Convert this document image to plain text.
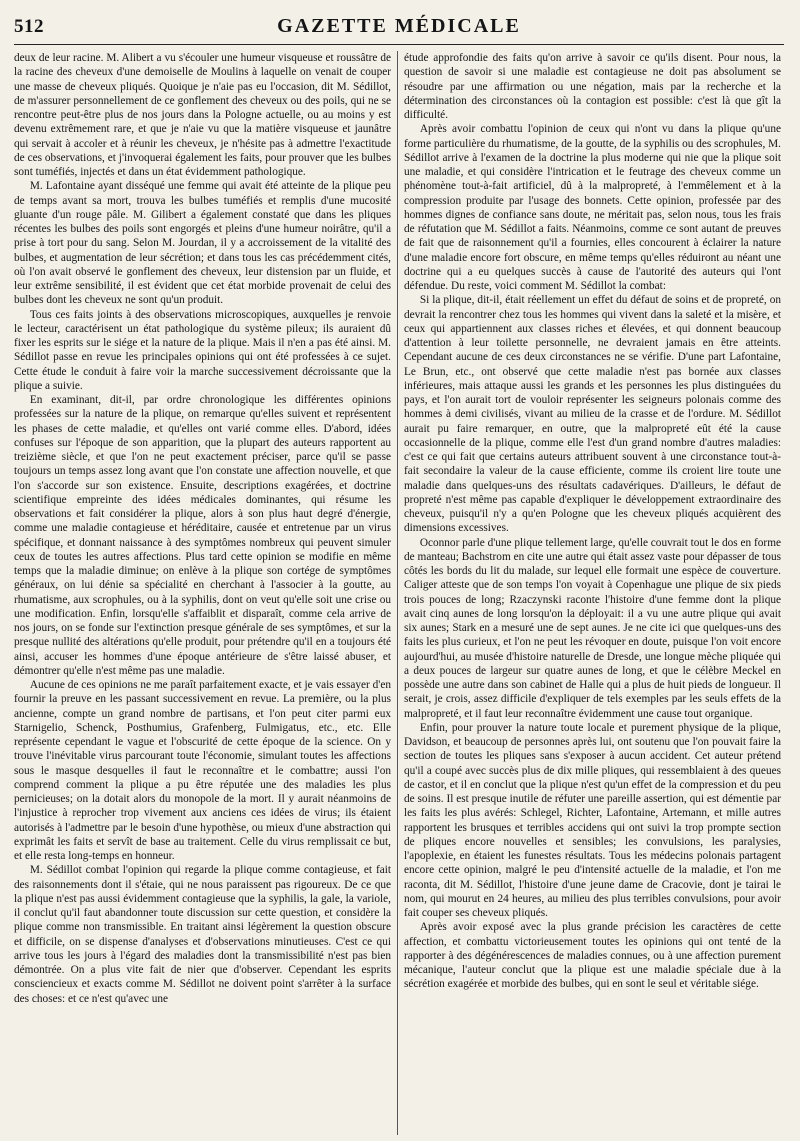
512	GAZETTE MÉDICALE

deux de leur racine. M. Alibert a vu s'écouler une humeur visqueuse et roussâtre de la racine des cheveux d'une demoiselle de Moulins à laquelle on venait de couper une masse de cheveux pliqués. Quoique je n'aie pas eu l'occasion, dit M. Sédillot, de m'assurer personnellement de ce gonflement des cheveux ou des poils, qui ne se rencontre peut-être plus de nos jours dans la Pologne actuelle, ou au moins y est devenu extrêmement rare, et que je n'aie vu que la matière visqueuse et jaunâtre qui servait à accoler et à réunir les cheveux, je n'hésite pas à admettre l'exactitude de ces observations, et j'invoquerai également les faits, pour prouver que les bulbes sont tuméfiés, injectés et dans un état évidemment pathologique.

M. Lafontaine ayant disséqué une femme qui avait été atteinte de la plique peu de temps avant sa mort, trouva les bulbes tuméfiés et remplis d'une mucosité gluante d'un rouge pâle. M. Gilibert a également constaté que dans les pliques récentes les bulbes des poils sont engorgés et pleins d'une humeur noirâtre, qu'il a prise à tort pour du sang. Selon M. Jourdan, il y a accroissement de la vitalité des bulbes, et augmentation de leur sécrétion; et dans tous les cas précédemment cités, où l'on avait observé le gonflement des cheveux, leur distension par un fluide, et leur extrême sensibilité, il est évident que cet état morbide provenait de celui des bulbes dont les cheveux ne sont qu'un produit.

Tous ces faits joints à des observations microscopiques, auxquelles je renvoie le lecteur, caractérisent un état pathologique du système pileux; ils auraient dû fixer les esprits sur le siége et la nature de la plique. Mais il n'en a pas été ainsi. M. Sédillot passe en revue les principales opinions qui ont été professées à ce sujet. Cette étude le conduit à faire voir la marche successivement décroissante que la plique a suivie.

En examinant, dit-il, par ordre chronologique les différentes opinions professées sur la nature de la plique, on remarque qu'elles suivent et représentent les phases de cette maladie, et qu'elles ont varié comme elles. D'abord, idées confuses sur l'époque de son apparition, que la plupart des auteurs rapportent au treizième siècle, et que l'on ne peut exactement préciser, parce qu'il se passe toujours un temps assez long avant que l'on constate une affection nouvelle, et que l'on s'accorde sur son existence. Ensuite, descriptions exagérées, et doctrine scientifique empreinte des idées médicales dominantes, qui résume les observations et fait considérer la plique, alors à son plus haut degré d'énergie, comme une maladie contagieuse et héréditaire, causée et entretenue par un virus spécifique, et donnant naissance à des symptômes nombreux qui peuvent simuler ceux de toutes les autres affections. Plus tard cette opinion se modifie en même temps que la maladie diminue; on enlève à la plique son cortége de symptômes généraux, on lui dénie sa spécialité en cherchant à l'associer à la goutte, au rhumatisme, aux scrophules, ou à la syphilis, dont on veut qu'elle soit une crise ou une modification. Enfin, lorsqu'elle s'affaiblit et disparaît, comme cela arrive de nos jours, on se fonde sur l'extinction presque générale de ses symptômes, et sur la presque nullité des altérations qu'elle produit, pour prétendre qu'il en a toujours été ainsi, accuser les hommes d'une époque antérieure de s'être laissé abuser, et démontrer qu'elle n'est même pas une maladie.

Aucune de ces opinions ne me paraît parfaitement exacte, et je vais essayer d'en fournir la preuve en les passant successivement en revue. La première, ou la plus ancienne, compte un grand nombre de partisans, et l'on peut citer parmi eux Starnigelio, Schenck, Posthumius, Grafenberg, Fulmigatus, etc., etc. Elle représente cependant le vague et l'obscurité de cette époque de la science. On y trouve l'inévitable virus parcourant toute l'économie, simulant toutes les affections sous le masque desquelles il faut le reconnaître et le combattre; aussi l'on comprend comment la plique a pu être réputée une des maladies les plus pernicieuses; on la dotait alors du monopole de la mort. Il y aurait néanmoins de l'injustice à reprocher trop vivement aux anciens ces idées de virus; ils étaient autorisés à l'admettre par le besoin d'une hypothèse, ou mieux d'une abstraction qui exprimât les faits et servît de base au traitement. Celle du virus remplissait ce but, et elle resta long-temps en honneur.

M. Sédillot combat l'opinion qui regarde la plique comme contagieuse, et fait des raisonnements dont il s'étaie, qui ne nous paraissent pas rigoureux. De ce que la plique n'est pas aussi évidemment contagieuse que la syphilis, la gale, la variole, il conclut qu'il faut abandonner toute discussion sur cette question, et considère la plique comme non transmissible. En traitant ainsi légèrement la question obscure et difficile, on se dispense d'analyses et d'observations minutieuses. C'est ce qui arrive tous les jours à l'égard des maladies dont la transmissibilité n'est pas bien démontrée. On a plus vite fait de nier que d'observer. Cependant les esprits consciencieux et exacts comme M. Sédillot ne doivent point s'arrêter à la surface des choses: et ce n'est qu'avec une

étude approfondie des faits qu'on arrive à savoir ce qu'ils disent. Pour nous, la question de savoir si une maladie est contagieuse ne doit pas absolument se résoudre par une affirmation ou une négation, mais par la recherche et la détermination des circonstances où la contagion est possible: c'est là que gît la difficulté.

Après avoir combattu l'opinion de ceux qui n'ont vu dans la plique qu'une forme particulière du rhumatisme, de la goutte, de la syphilis ou des scrophules, M. Sédillot arrive à l'examen de la doctrine la plus moderne qui nie que la plique soit une maladie, et qui considère l'intrication et le feutrage des cheveux comme un phénomène tout-à-fait artificiel, dû à la malpropreté, à l'emmêlement et à la compression produite par l'usage des bonnets. Cette opinion, professée par des hommes dignes de confiance sans doute, ne méritait pas, selon nous, tous les frais de réfutation que M. Sédillot a faits. Néanmoins, comme ce sont autant de preuves de fait que de raisonnement qu'il a fournies, elles concourent à éclairer la nature d'une maladie encore fort obscure, en même temps qu'elles réduiront au néant une doctrine qui a eu quelques succès à cause de l'autorité des auteurs qui l'ont défendue. Du reste, voici comment M. Sédillot la combat:

Si la plique, dit-il, était réellement un effet du défaut de soins et de propreté, on devrait la rencontrer chez tous les hommes qui vivent dans la saleté et la misère, et ceux qui appartiennent aux classes riches et élevées, et qui donnent beaucoup d'attention à leur toilette personnelle, ne devraient jamais en être atteints. Cependant aucune de ces deux circonstances ne se vérifie. D'une part Lafontaine, Le Brun, etc., ont observé que cette maladie n'est pas bornée aux classes inférieures, mais attaque aussi les grands et les personnes les plus distinguées du pays, et l'on aurait tort de vouloir représenter les seigneurs polonais comme des hommes à demi civilisés, vivant au milieu de la crasse et de l'ordure. M. Sédillot aurait pu faire remarquer, en outre, que la malpropreté eût été la cause occasionnelle de la plique, comme elle l'est d'un grand nombre d'autres maladies: c'est ce qui fait que certains auteurs attribuent souvent à une circonstance tout-à-fait secondaire la valeur de la cause efficiente, comme ils croient lire toute une maladie dans quelques-uns des résultats cadavériques. D'ailleurs, le défaut de propreté n'est même pas capable d'expliquer le développement extraordinaire des cheveux, puisqu'il n'y a qu'en Pologne que les cheveux pliqués acquièrent des dimensions excessives.

Oconnor parle d'une plique tellement large, qu'elle couvrait tout le dos en forme de manteau; Bachstrom en cite une autre qui était assez vaste pour dépasser de tous côtés les bords du lit du malade, sur lequel elle formait une espèce de couverture. Caliger atteste que de son temps l'on voyait à Copenhague une plique de six pieds trois pouces de long; Rzaczynski raconte l'histoire d'une femme dont la plique avait cinq aunes de long lorsqu'on la déployait: il a vu une autre plique qui avait six aunes; Stark en a mesuré une de sept aunes. Je ne cite ici que quelques-uns des faits les plus curieux, et l'on ne peut les révoquer en doute, puisque l'on voit encore aujourd'hui, au musée d'histoire naturelle de Dresde, une longue mèche pliquée qui a deux pouces de largeur sur quatre aunes de long, et que le célèbre Meckel en possède une autre dans son cabinet de Halle qui a plus de huit pieds de longueur. Il serait, je crois, assez difficile d'expliquer de tels exemples par les seuls effets de la malpropreté, et il faut leur reconnaître évidemment une cause tout organique.

Enfin, pour prouver la nature toute locale et purement physique de la plique, Davidson, et beaucoup de personnes après lui, ont soutenu que l'on pouvait faire la section de toutes les pliques sans s'exposer à aucun accident. Cet auteur prétend qu'il a coupé avec succès plus de dix mille pliques, qui ressemblaient à des queues de castor, et il en conclut que la plique n'est qu'un effet de la compression et du peu de soins. Il est presque inutile de réfuter une pareille assertion, qui est démentie par les faits les plus avérés: Schlegel, Richter, Lafontaine, Artemann, et mille autres rapportent les brusques et terribles accidens qui ont suivi la trop prompte section de pliques encore nouvelles et sensibles; les convulsions, les paralysies, l'apoplexie, en étaient les funestes résultats. Tous les médecins polonais partagent encore cette opinion, malgré le peu d'intensité actuelle de la maladie, et l'on me raconta, dit M. Sédillot, l'histoire d'une jeune dame de Cracovie, dont je tairai le nom, qui mourut en 24 heures, au milieu des plus terribles convulsions, pour avoir fait couper ses cheveux pliqués.

Après avoir exposé avec la plus grande précision les caractères de cette affection, et combattu victorieusement toutes les opinions qui ont tenté de la rapporter à des dégénérescences de maladies connues, ou à une affection purement mécanique, l'auteur conclut que la plique est une maladie spéciale due à la sécrétion exagérée et morbide des bulbes, qui en sont le seul et véritable siége.
